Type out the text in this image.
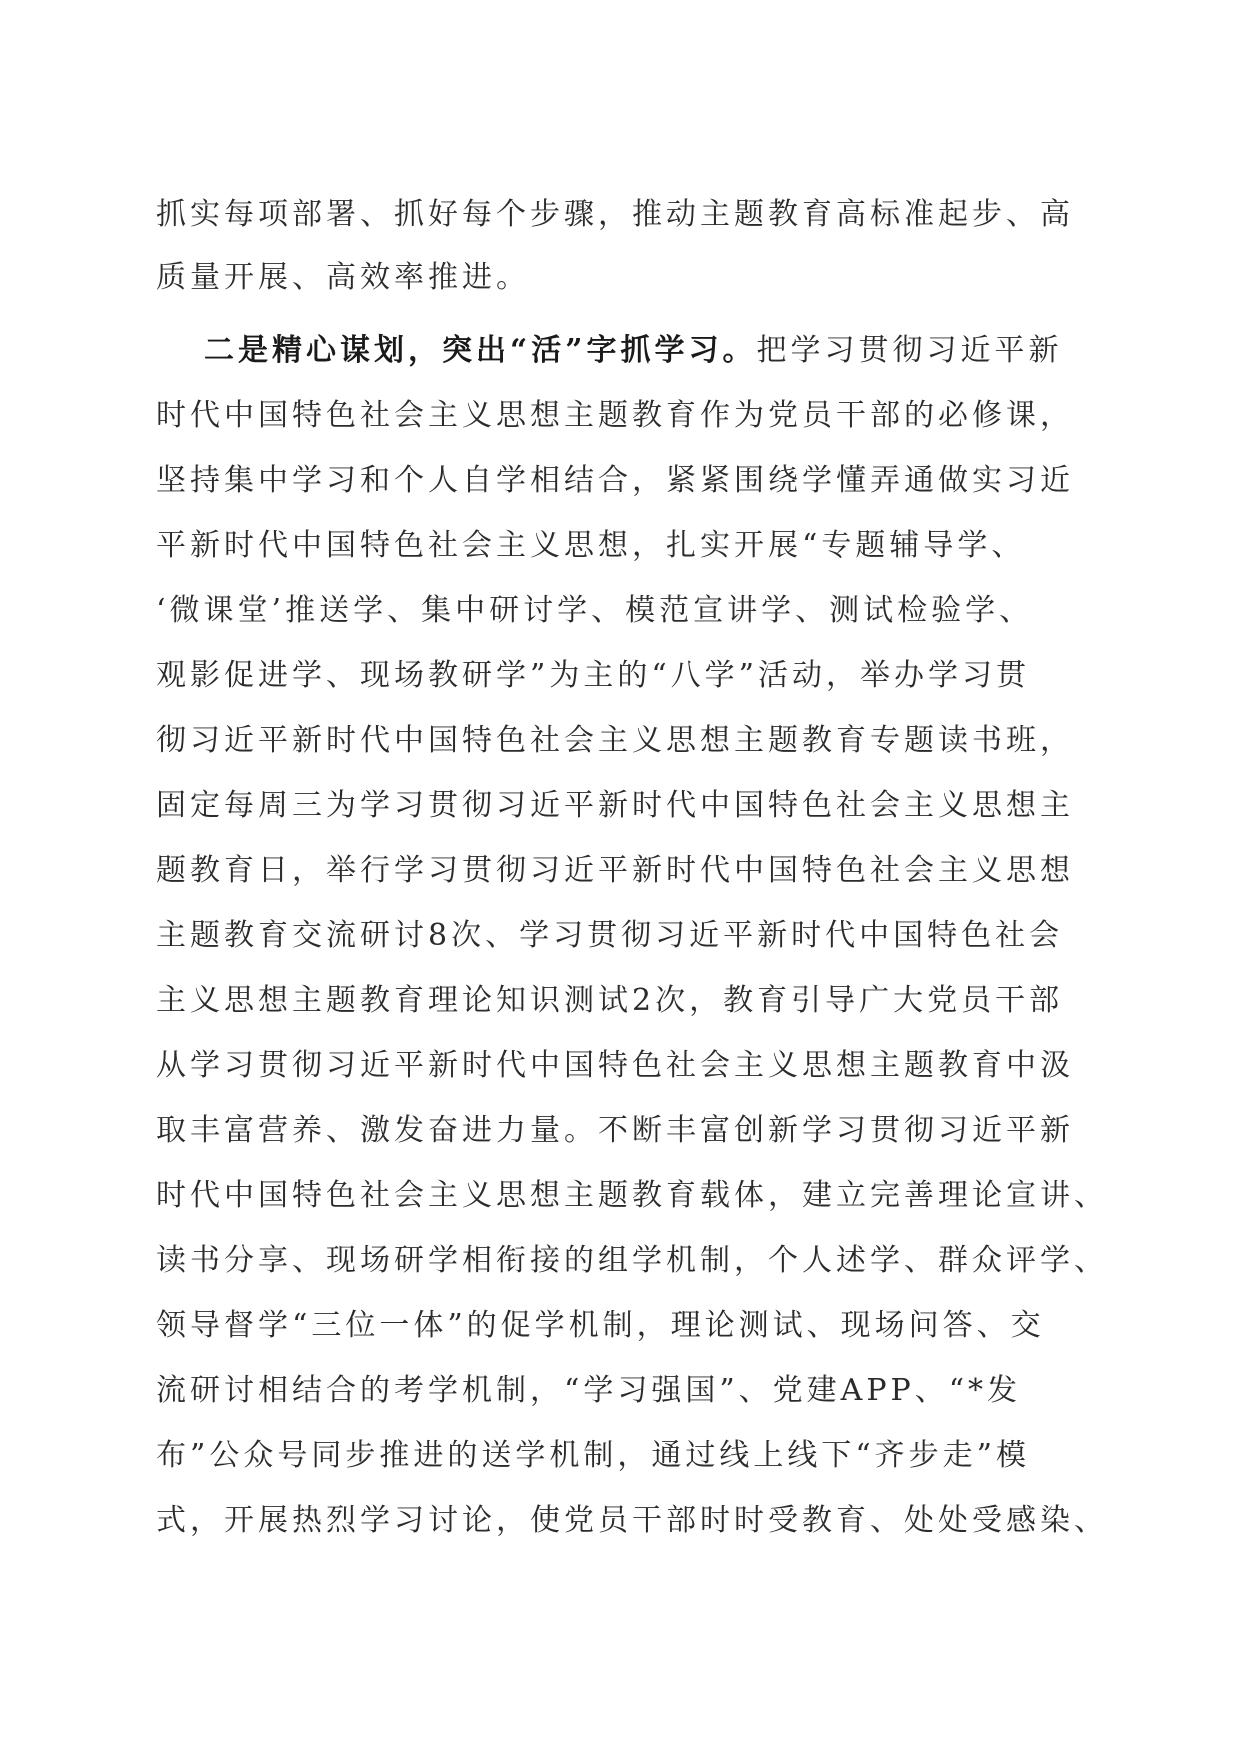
抓实每项部署、抓好每个步骤，推动主题教育高标准起步、高
质量开展、高效率推进。
二是精心谋划，突出“活”字抓学习。把学习贯彻习近平新
时代中国特色社会主义思想主题教育作为党员干部的必修课，
坚持集中学习和个人自学相结合，紧紧围绕学懂弄通做实习近
平新时代中国特色社会主义思想，扎实开展“专题辅导学、
‘微课堂’推送学、集中研讨学、模范宣讲学、测试检验学、
观影促进学、现场教研学”为主的“八学”活动，举办学习贯
彻习近平新时代中国特色社会主义思想主题教育专题读书班，
固定每周三为学习贯彻习近平新时代中国特色社会主义思想主
题教育日，举行学习贯彻习近平新时代中国特色社会主义思想
主题教育交流研讨8次、学习贯彻习近平新时代中国特色社会
主义思想主题教育理论知识测试2次，教育引导广大党员干部
从学习贯彻习近平新时代中国特色社会主义思想主题教育中汲
取丰富营养、激发奋进力量。不断丰富创新学习贯彻习近平新
时代中国特色社会主义思想主题教育载体，建立完善理论宣讲、
读书分享、现场研学相衔接的组学机制，个人述学、群众评学、
领导督学“三位一体”的促学机制，理论测试、现场问答、交
流研讨相结合的考学机制，“学习强国”、党建APP、“*发
布”公众号同步推进的送学机制，通过线上线下“齐步走”模
式，开展热烈学习讨论，使党员干部时时受教育、处处受感染、
